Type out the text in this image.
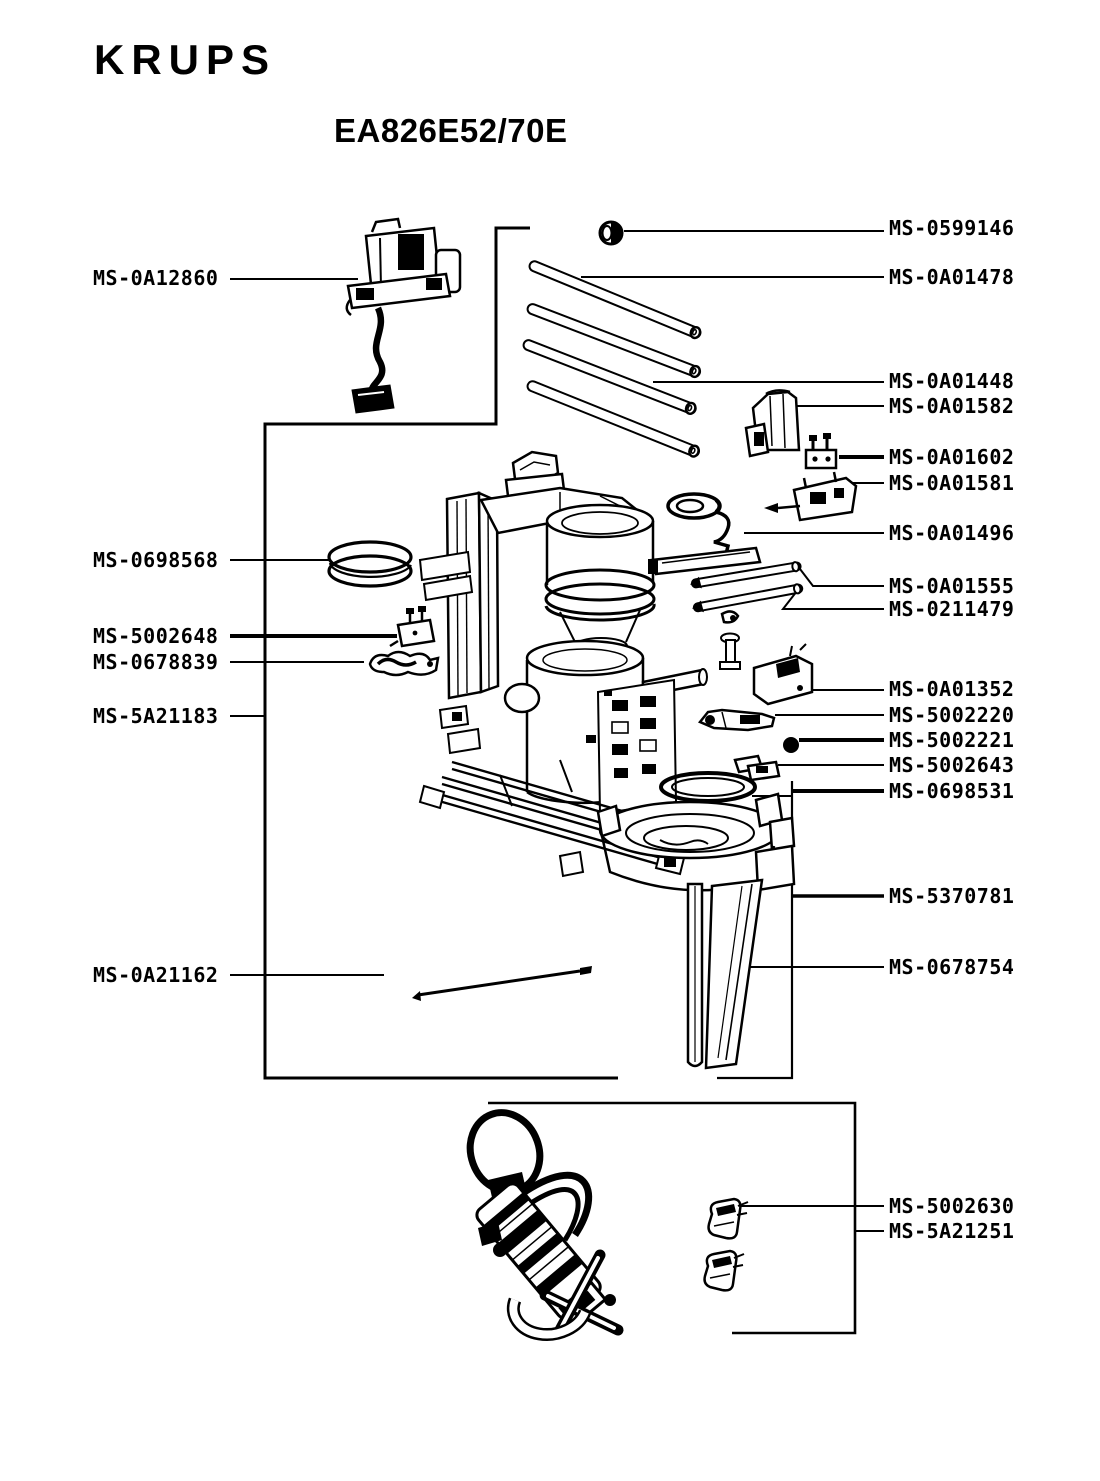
KRUPS
EA826E52/70E
MS-0A12860
MS-0698568
MS-5002648
MS-0678839
MS-5A21183
MS-0A21162
MS-0599146
MS-0A01478
MS-0A01448
MS-0A01582
MS-0A01602
MS-0A01581
MS-0A01496
MS-0A01555
MS-0211479
MS-0A01352
MS-5002220
MS-5002221
MS-5002643
MS-0698531
MS-5370781
MS-0678754
MS-5002630
MS-5A21251
